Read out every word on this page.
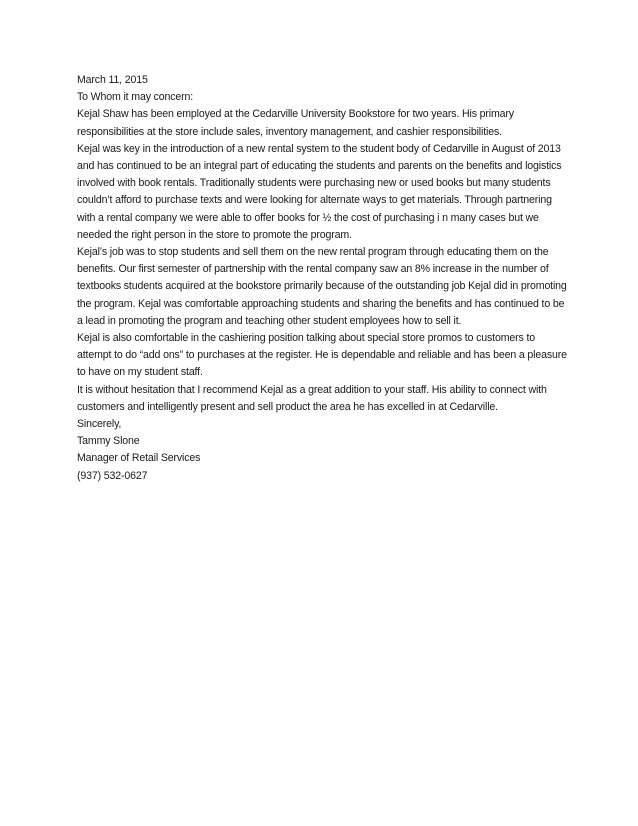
March 11, 2015

To Whom it may concern:

Kejal Shaw has been employed at the Cedarville University Bookstore for two years. His primary responsibilities at the store include sales, inventory management, and cashier responsibilities.

Kejal was key in the introduction of a new rental system to the student body of Cedarville in August of 2013 and has continued to be an integral part of educating the students and parents on the benefits and logistics involved with book rentals. Traditionally students were purchasing new or used books but many students couldn’t afford to purchase texts and were looking for alternate ways to get materials. Through partnering with a rental company we were able to offer books for ½ the cost of purchasing i n many cases but we needed the right person in the store to promote the program.

Kejal’s job was to stop students and sell them on the new rental program through educating them on the benefits. Our first semester of partnership with the rental company saw an 8% increase in the number of textbooks students acquired at the bookstore primarily because of the outstanding job Kejal did in promoting the program. Kejal was comfortable approaching students and sharing the benefits and has continued to be a lead in promoting the program and teaching other student employees how to sell it.

Kejal is also comfortable in the cashiering position talking about special store promos to customers to attempt to do “add ons” to purchases at the register. He is dependable and reliable and has been a pleasure to have on my student staff.

It is without hesitation that I recommend Kejal as a great addition to your staff. His ability to connect with customers and intelligently present and sell product the area he has excelled in at Cedarville.

Sincerely,

Tammy Slone
Manager of Retail Services
(937) 532-0627
